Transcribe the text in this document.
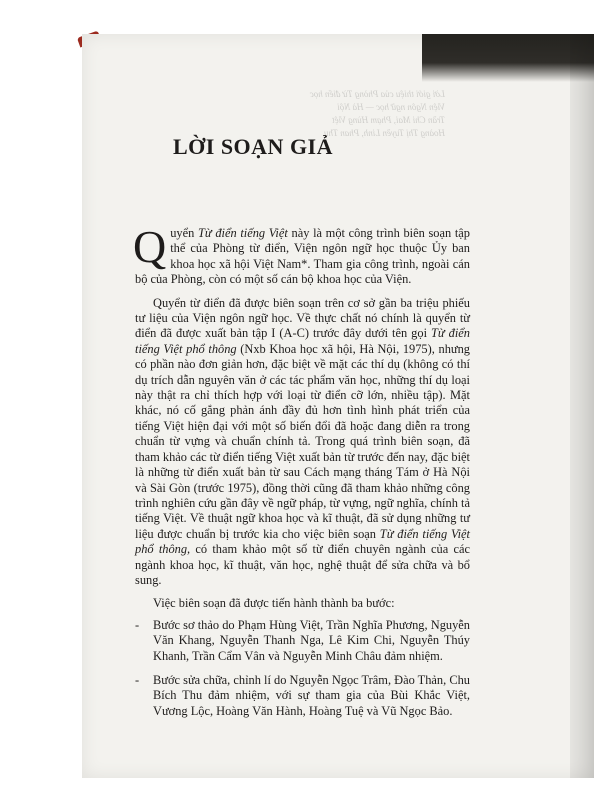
Lời giới thiệu của Phòng Từ điển học
Viện Ngôn ngữ học — Hà Nội
Trần Chi Mai, Phạm Hùng Việt
Hoàng Thị Tuyền Linh, Phan Thu
LỜI SOẠN GIẢ

Quyển Từ điển tiếng Việt này là một công trình biên soạn tập thể của Phòng từ điển, Viện ngôn ngữ học thuộc Ủy ban khoa học xã hội Việt Nam*. Tham gia công trình, ngoài cán bộ của Phòng, còn có một số cán bộ khoa học của Viện.

Quyển từ điển đã được biên soạn trên cơ sở gần ba triệu phiếu tư liệu của Viện ngôn ngữ học. Về thực chất nó chính là quyển từ điển đã được xuất bản tập I (A-C) trước đây dưới tên gọi Từ điển tiếng Việt phổ thông (Nxb Khoa học xã hội, Hà Nội, 1975), nhưng có phần nào đơn giản hơn, đặc biệt về mặt các thí dụ (không có thí dụ trích dẫn nguyên văn ở các tác phẩm văn học, những thí dụ loại này thật ra chỉ thích hợp với loại từ điển cỡ lớn, nhiều tập). Mặt khác, nó cố gắng phản ánh đầy đủ hơn tình hình phát triển của tiếng Việt hiện đại với một số biến đổi đã hoặc đang diễn ra trong chuẩn từ vựng và chuẩn chính tả. Trong quá trình biên soạn, đã tham khảo các từ điển tiếng Việt xuất bản từ trước đến nay, đặc biệt là những từ điển xuất bản từ sau Cách mạng tháng Tám ở Hà Nội và Sài Gòn (trước 1975), đồng thời cũng đã tham khảo những công trình nghiên cứu gần đây về ngữ pháp, từ vựng, ngữ nghĩa, chính tả tiếng Việt. Về thuật ngữ khoa học và kĩ thuật, đã sử dụng những tư liệu được chuẩn bị trước kia cho việc biên soạn Từ điển tiếng Việt phổ thông, có tham khảo một số từ điển chuyên ngành của các ngành khoa học, kĩ thuật, văn học, nghệ thuật để sửa chữa và bổ sung.

Việc biên soạn đã được tiến hành thành ba bước:

- Bước sơ thảo do Phạm Hùng Việt, Trần Nghĩa Phương, Nguyễn Văn Khang, Nguyễn Thanh Nga, Lê Kim Chi, Nguyễn Thúy Khanh, Trần Cẩm Vân và Nguyễn Minh Châu đảm nhiệm.
- Bước sửa chữa, chỉnh lí do Nguyễn Ngọc Trâm, Đào Thản, Chu Bích Thu đảm nhiệm, với sự tham gia của Bùi Khắc Việt, Vương Lộc, Hoàng Văn Hành, Hoàng Tuệ và Vũ Ngọc Bảo.
